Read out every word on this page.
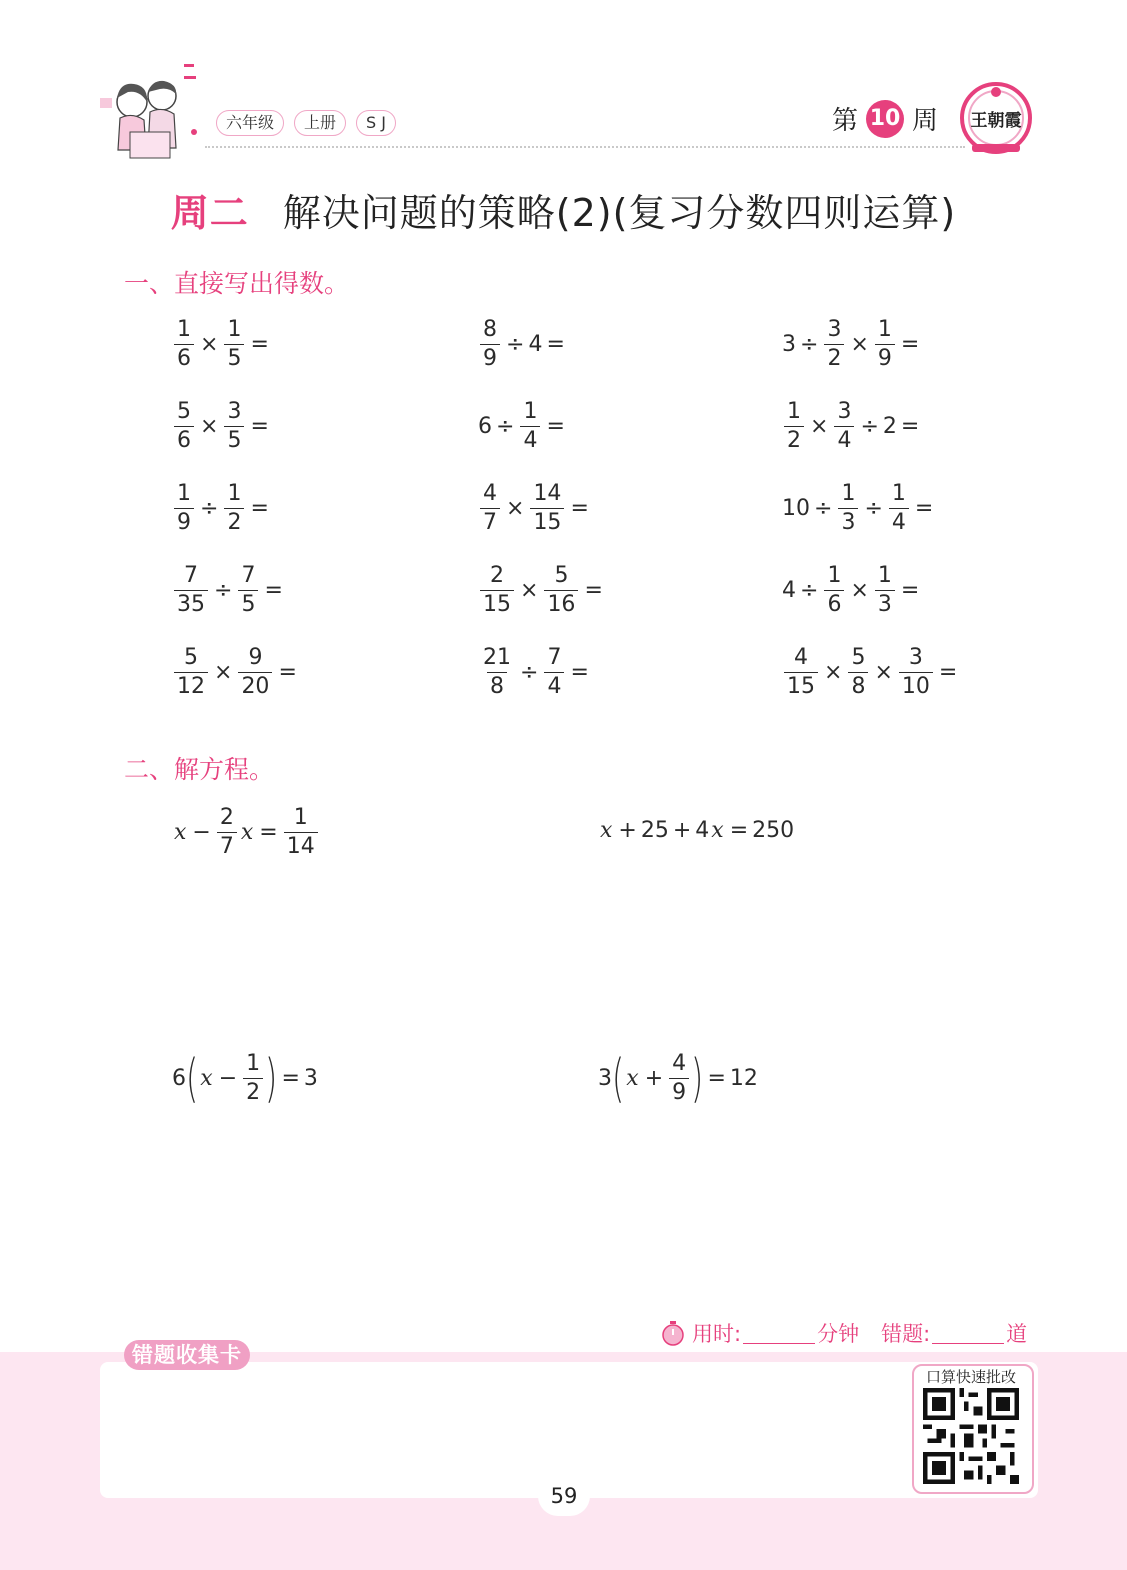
六年级	上册	S J	第 10 周 王朝霞
周二 解决问题的策略(2)(复习分数四则运算)
一、直接写出得数。
$\frac{1}{6} \times \frac{1}{5}$ =	$\frac{8}{9} \div 4$ =	$3 \div \frac{3}{2} \times \frac{1}{9}$ =
$\frac{5}{6} \times \frac{3}{5}$ =	$6 \div \frac{1}{4}$ =	$\frac{1}{2} \times \frac{3}{4} \div 2$ =
$\frac{1}{9} \div \frac{1}{2}$ =	$\frac{4}{7} \times \frac{14}{15}$ =	$10 \div \frac{1}{3} \div \frac{1}{4}$ =
$\frac{7}{35} \div \frac{7}{5}$ =	$\frac{2}{15} \times \frac{5}{16}$ =	$4 \div \frac{1}{6} \times \frac{1}{3}$ =
$\frac{5}{12} \times \frac{9}{20}$ =	$\frac{21}{8} \div \frac{7}{4}$ =	$\frac{4}{15} \times \frac{5}{8} \times \frac{3}{10}$ =
二、解方程。
$x - \frac{2}{7}$ $x = \frac{1}{14}$	x + 25 + 4 x = 250
6 ( $x - \frac{1}{2}$ ) = 3	3 ( $x + \frac{4}{9}$ ) = 12
用时:	分钟 错题:	道
错题收集卡
口算快速批改
59
